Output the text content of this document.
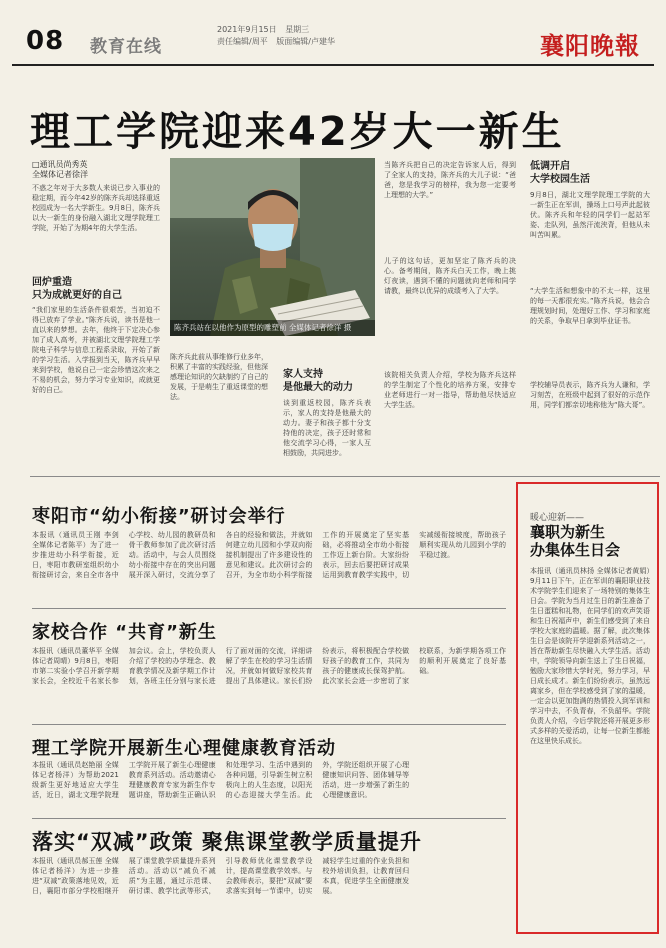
08 教育在线
2021年9月15日 星期三
责任编辑/周平 版面编辑/卢建华	襄阳晚報
理工学院迎来42岁大一新生
□通讯员尚秀英
全媒体记者徐洋
不惑之年对于大多数人来说已步入事业的稳定期，而今年42岁的陈齐兵却选择重返校园成为一名大学新生。9月8日，陈齐兵以大一新生的身份融入湖北文理学院理工学院，开始了为期4年的大学生活。
回炉重造
只为成就更好的自己
“我们家里的生活条件很艰苦，当初迫不得已放弃了学业。”陈齐兵说，读书是他一直以来的梦想。去年，他终于下定决心参加了成人高考，并被湖北文理学院理工学院电子科学与信息工程系录取，开始了新的学习生活。入学报到当天，陈齐兵早早来到学校，他说自己一定会珍惜这次来之不易的机会，努力学习专业知识，成就更好的自己。
陈齐兵站在以他作为原型的雕塑前 全媒体记者徐洋 摄
陈齐兵此前从事维修行业多年，积累了丰富的实践经验，但他深感理论知识的欠缺制约了自己的发展，于是萌生了重返课堂的想法。
家人支持
是他最大的动力
谈到重返校园，陈齐兵表示，家人的支持是他最大的动力。妻子和孩子都十分支持他的决定，孩子还时常和他交流学习心得，一家人互相鼓励，共同进步。
当陈齐兵把自己的决定告诉家人后，得到了全家人的支持，陈齐兵的大儿子说：“爸爸，您是我学习的榜样，我为您一定要考上理想的大学。”
儿子的这句话，更加坚定了陈齐兵的决心。备考期间，陈齐兵白天工作，晚上挑灯夜读，遇到不懂的问题就向老师和同学请教，最终以优异的成绩考入了大学。
该院相关负责人介绍，学校为陈齐兵这样的学生制定了个性化的培养方案，安排专业老师进行一对一指导，帮助他尽快适应大学生活。
低调开启
大学校园生活
9月8日，湖北文理学院理工学院的大一新生正在军训，操场上口号声此起彼伏。陈齐兵和年轻的同学们一起站军姿、走队列，虽然汗流浃背，但他从未叫苦叫累。
“大学生活和想象中的不太一样，这里的每一天都很充实。”陈齐兵说，他会合理规划时间，处理好工作、学习和家庭的关系，争取早日拿到毕业证书。
学校辅导员表示，陈齐兵为人谦和，学习刻苦，在班级中起到了很好的示范作用，同学们都亲切地称他为“陈大哥”。
枣阳市“幼小衔接”研讨会举行
本报讯（通讯员王刚 李剑 全媒体记者陈平）为了进一步推进幼小科学衔接，近日，枣阳市教研室组织幼小衔接研讨会，来自全市各中心学校、幼儿园的教研员和骨干教师参加了此次研讨活动。活动中，与会人员围绕幼小衔接中存在的突出问题展开深入研讨，交流分享了各自的经验和做法，并就如何建立幼儿园和小学双向衔接机制提出了许多建设性的意见和建议。此次研讨会的召开，为全市幼小科学衔接工作的开展奠定了坚实基础，必将推动全市幼小衔接工作迈上新台阶。大家纷纷表示，回去后要把研讨成果运用到教育教学实践中，切实减缓衔接坡度，帮助孩子顺利实现从幼儿园到小学的平稳过渡。
家校合作 “共育”新生
本报讯（通讯员董华平 全媒体记者周晴）9月8日，枣阳市第二实验小学召开新学期家长会，全校近千名家长参加会议。会上，学校负责人介绍了学校的办学理念、教育教学情况及新学期工作计划，各班主任分别与家长进行了面对面的交流，详细讲解了学生在校的学习生活情况，并就如何做好家校共育提出了具体建议。家长们纷纷表示，将积极配合学校做好孩子的教育工作，共同为孩子的健康成长保驾护航。此次家长会进一步密切了家校联系，为新学期各项工作的顺利开展奠定了良好基础。
理工学院开展新生心理健康教育活动
本报讯（通讯员赵艳丽 全媒体记者杨洋）为帮助2021级新生更好地适应大学生活，近日，湖北文理学院理工学院开展了新生心理健康教育系列活动。活动邀请心理健康教育专家为新生作专题讲座，帮助新生正确认识和处理学习、生活中遇到的各种问题，引导新生树立积极向上的人生态度，以阳光的心态迎接大学生活。此外，学院还组织开展了心理健康知识问答、团体辅导等活动，进一步增强了新生的心理健康意识。
落实“双减”政策 聚焦课堂教学质量提升
本报讯（通讯员郝玉莲 全媒体记者杨洋）为进一步推进“双减”政策落地见效，近日，襄阳市部分学校相继开展了课堂教学质量提升系列活动。活动以“减负不减质”为主题，通过示范课、研讨课、教学比武等形式，引导教师优化课堂教学设计，提高课堂教学效率。与会教师表示，要把“双减”要求落实到每一节课中，切实减轻学生过重的作业负担和校外培训负担，让教育回归本真，促进学生全面健康发展。
暖心迎新——
襄职为新生
办集体生日会
本报讯（通讯员林扬 全媒体记者黄娟）9月11日下午，正在军训的襄阳职业技术学院学生们迎来了一场特别的集体生日会。学院为当月过生日的新生准备了生日蛋糕和礼物，在同学们的欢声笑语和生日祝福声中，新生们感受到了来自学校大家庭的温暖。据了解，此次集体生日会是该院开学迎新系列活动之一，旨在帮助新生尽快融入大学生活。活动中，学院领导向新生送上了生日祝福，勉励大家珍惜大学时光，努力学习，早日成长成才。新生们纷纷表示，虽然远离家乡，但在学校感受到了家的温暖，一定会以更加饱满的热情投入到军训和学习中去，不负青春，不负韶华。学院负责人介绍，今后学院还将开展更多形式多样的关爱活动，让每一位新生都能在这里快乐成长。
